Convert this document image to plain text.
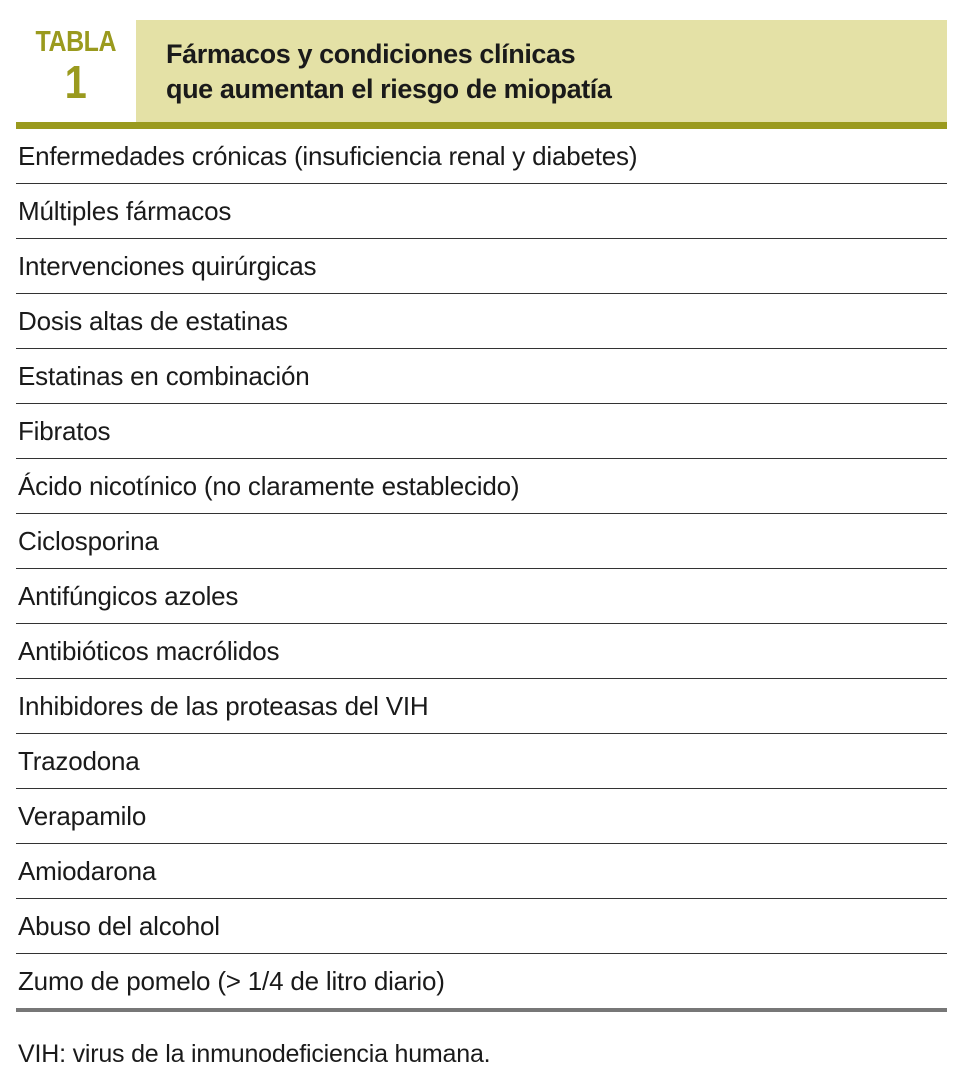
TABLA
1
Fármacos y condiciones clínicas
que aumentan el riesgo de miopatía
Enfermedades crónicas (insuficiencia renal y diabetes)
Múltiples fármacos
Intervenciones quirúrgicas
Dosis altas de estatinas
Estatinas en combinación
Fibratos
Ácido nicotínico (no claramente establecido)
Ciclosporina
Antifúngicos azoles
Antibióticos macrólidos
Inhibidores de las proteasas del VIH
Trazodona
Verapamilo
Amiodarona
Abuso del alcohol
Zumo de pomelo (> 1/4 de litro diario)
VIH: virus de la inmunodeficiencia humana.
